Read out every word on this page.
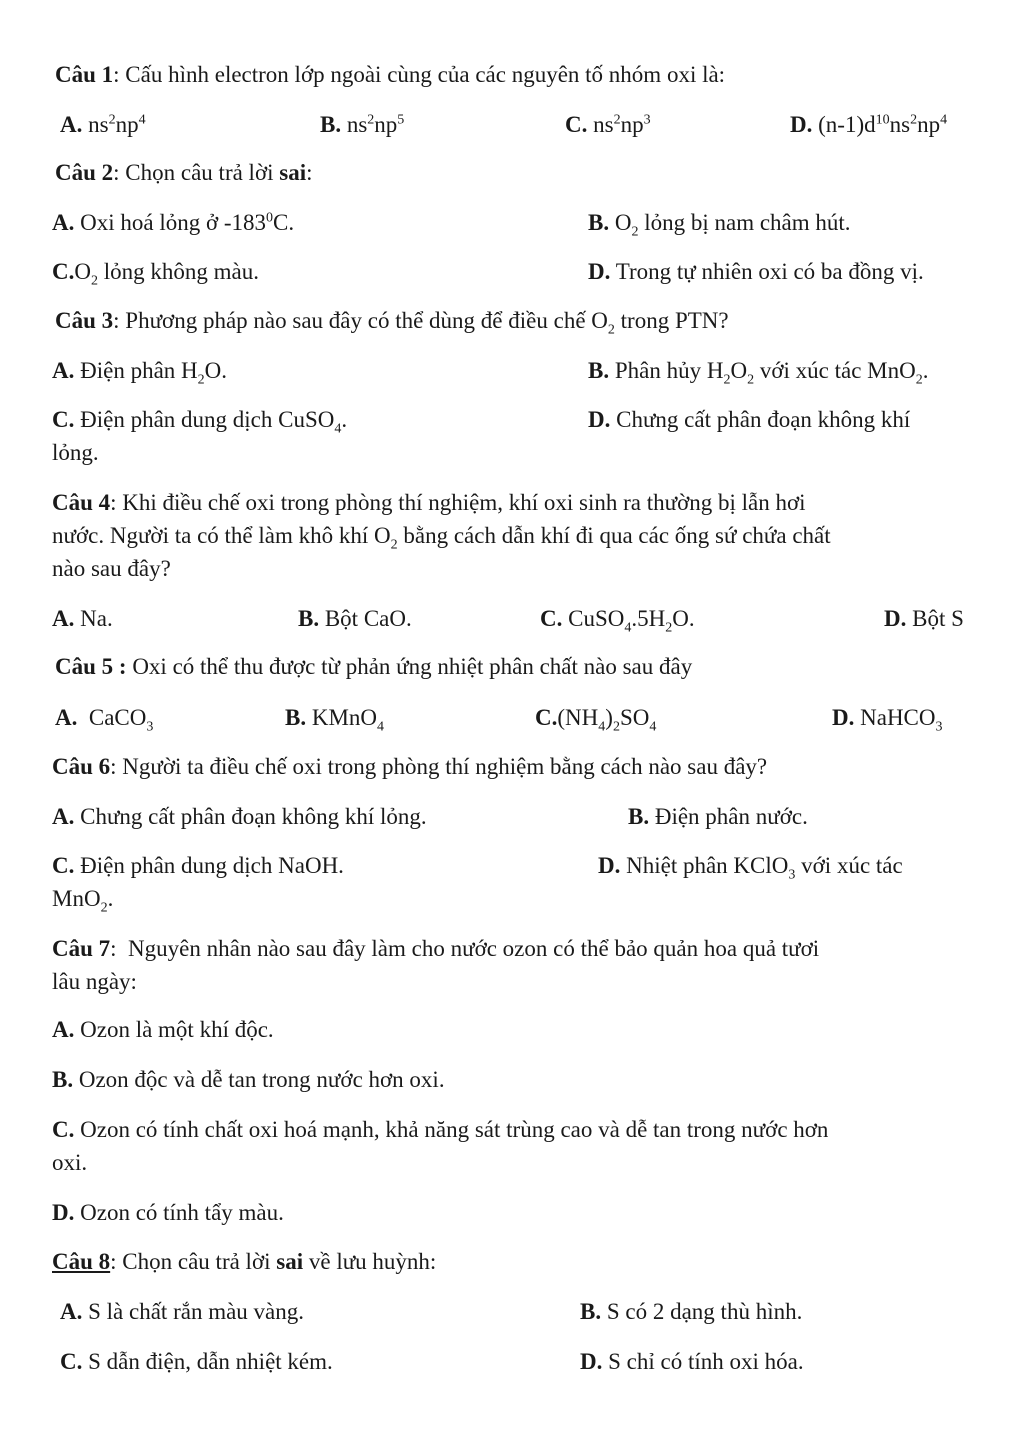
Câu 1: Cấu hình electron lớp ngoài cùng của các nguyên tố nhóm oxi là:
A. $ns^2np^4$	B. $ns^2np^5$	C. $ns^2np^3$	D. $(n-1)d^{10}ns^2np^4$
Câu 2: Chọn câu trả lời sai:
A. Oxi hoá lỏng ở $-183^0C$.	B. $O_2$ lỏng bị nam châm hút.
$C.O_2$ lỏng không màu.	D. Trong tự nhiên oxi có ba đồng vị.
Câu 3: Phương pháp nào sau đây có thể dùng để điều chế $O_2$ trong PTN?
A. Điện phân $H_2O$.	B. Phân hủy $H_2O_2$ với xúc tác MnO$_2$.
C. Điện phân dung dịch CuSO$_4$.	D. Chưng cất phân đoạn không khí
lỏng.
Câu 4: Khi điều chế oxi trong phòng thí nghiệm, khí oxi sinh ra thường bị lẫn hơi
nước. Người ta có thể làm khô khí $O_2$ bằng cách dẫn khí đi qua các ống sứ chứa chất
nào sau đây?
A. Na.	B. Bột CaO.	C. $CuSO_4.5H_2O$.	D. Bột S
Câu 5 : Oxi có thể thu được từ phản ứng nhiệt phân chất nào sau đây
A.  CaCO$_3$	B. KMnO$_4$	$C.(NH_4)_2SO_4$	D. NaHCO$_3$
Câu 6: Người ta điều chế oxi trong phòng thí nghiệm bằng cách nào sau đây?
A. Chưng cất phân đoạn không khí lỏng.	B. Điện phân nước.
C. Điện phân dung dịch NaOH.	D. Nhiệt phân KClO$_3$ với xúc tác
MnO$_2$.
Câu 7:  Nguyên nhân nào sau đây làm cho nước ozon có thể bảo quản hoa quả tươi
lâu ngày:
A. Ozon là một khí độc.
B. Ozon độc và dễ tan trong nước hơn oxi.
C. Ozon có tính chất oxi hoá mạnh, khả năng sát trùng cao và dễ tan trong nước hơn
oxi.
D. Ozon có tính tẩy màu.
Câu 8: Chọn câu trả lời sai về lưu huỳnh:
A. S là chất rắn màu vàng.	B. S có 2 dạng thù hình.
C. S dẫn điện, dẫn nhiệt kém.	D. S chỉ có tính oxi hóa.
